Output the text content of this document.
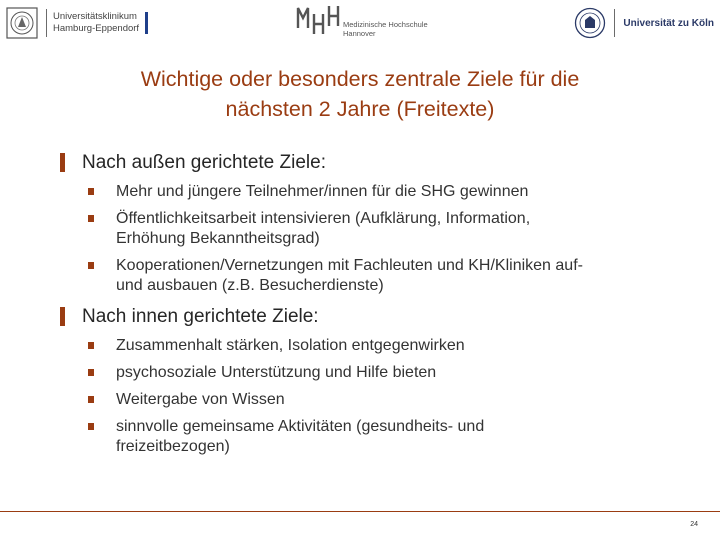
Universitätsklinikum
Hamburg-Eppendorf	Medizinische Hochschule
Hannover
Universität zu Köln
Wichtige oder besonders zentrale Ziele für die
nächsten 2 Jahre (Freitexte)
Nach außen gerichtete Ziele:
Mehr und jüngere Teilnehmer/innen für die SHG gewinnen
Öffentlichkeitsarbeit intensivieren (Aufklärung, Information,
Erhöhung Bekanntheitsgrad)
Kooperationen/Vernetzungen mit Fachleuten und KH/Kliniken auf-
und ausbauen (z.B. Besucherdienste)
Nach innen gerichtete Ziele:
Zusammenhalt stärken, Isolation entgegenwirken
psychosoziale Unterstützung und Hilfe bieten
Weitergabe von Wissen
sinnvolle gemeinsame Aktivitäten (gesundheits- und
freizeitbezogen)
24
